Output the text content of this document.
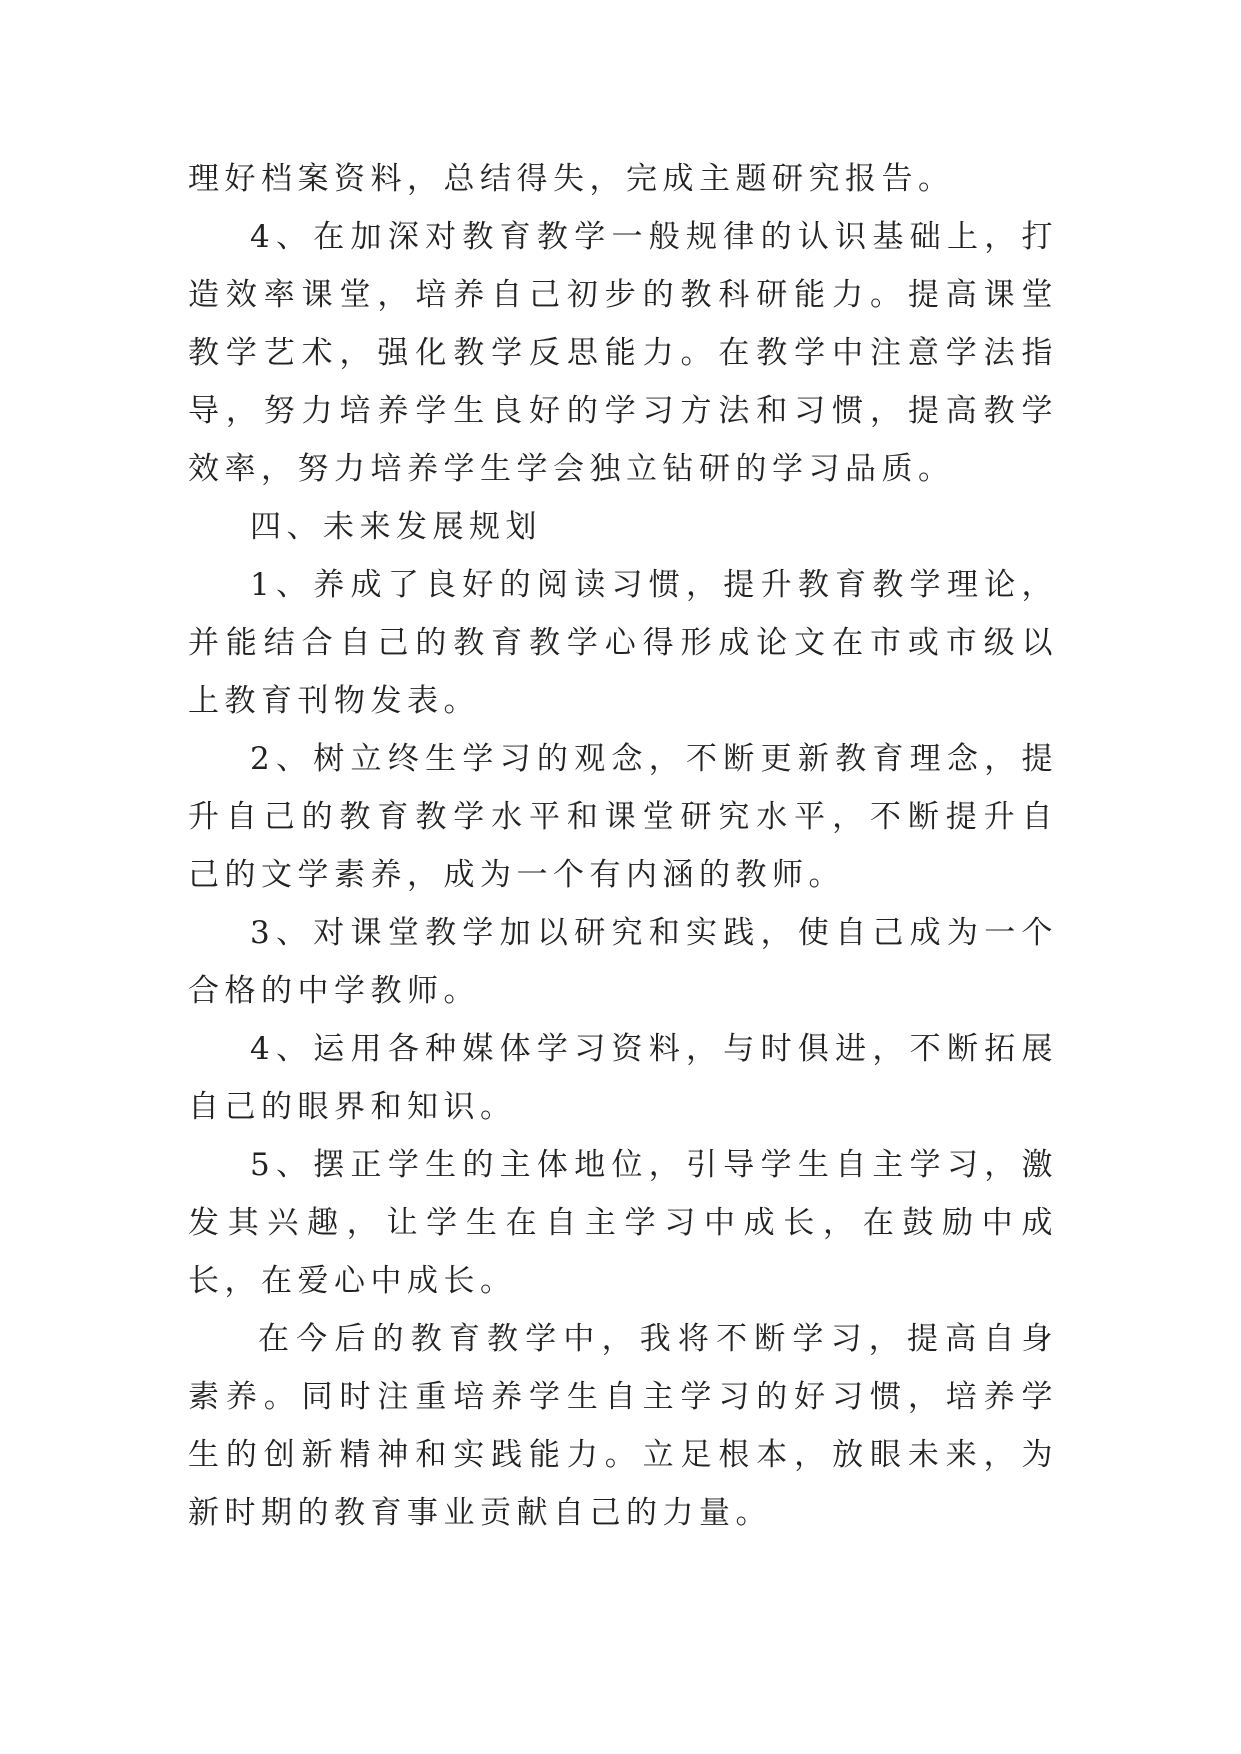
理好档案资料，总结得失，完成主题研究报告。

4、在加深对教育教学一般规律的认识基础上，打造效率课堂，培养自己初步的教科研能力。提高课堂教学艺术，强化教学反思能力。在教学中注意学法指导，努力培养学生良好的学习方法和习惯，提高教学效率，努力培养学生学会独立钻研的学习品质。

四、未来发展规划

1、养成了良好的阅读习惯，提升教育教学理论，并能结合自己的教育教学心得形成论文在市或市级以上教育刊物发表。

2、树立终生学习的观念，不断更新教育理念，提升自己的教育教学水平和课堂研究水平，不断提升自己的文学素养，成为一个有内涵的教师。

3、对课堂教学加以研究和实践，使自己成为一个合格的中学教师。

4、运用各种媒体学习资料，与时俱进，不断拓展自己的眼界和知识。

5、摆正学生的主体地位，引导学生自主学习，激发其兴趣，让学生在自主学习中成长，在鼓励中成长，在爱心中成长。

在今后的教育教学中，我将不断学习，提高自身素养。同时注重培养学生自主学习的好习惯，培养学生的创新精神和实践能力。立足根本，放眼未来，为新时期的教育事业贡献自己的力量。
